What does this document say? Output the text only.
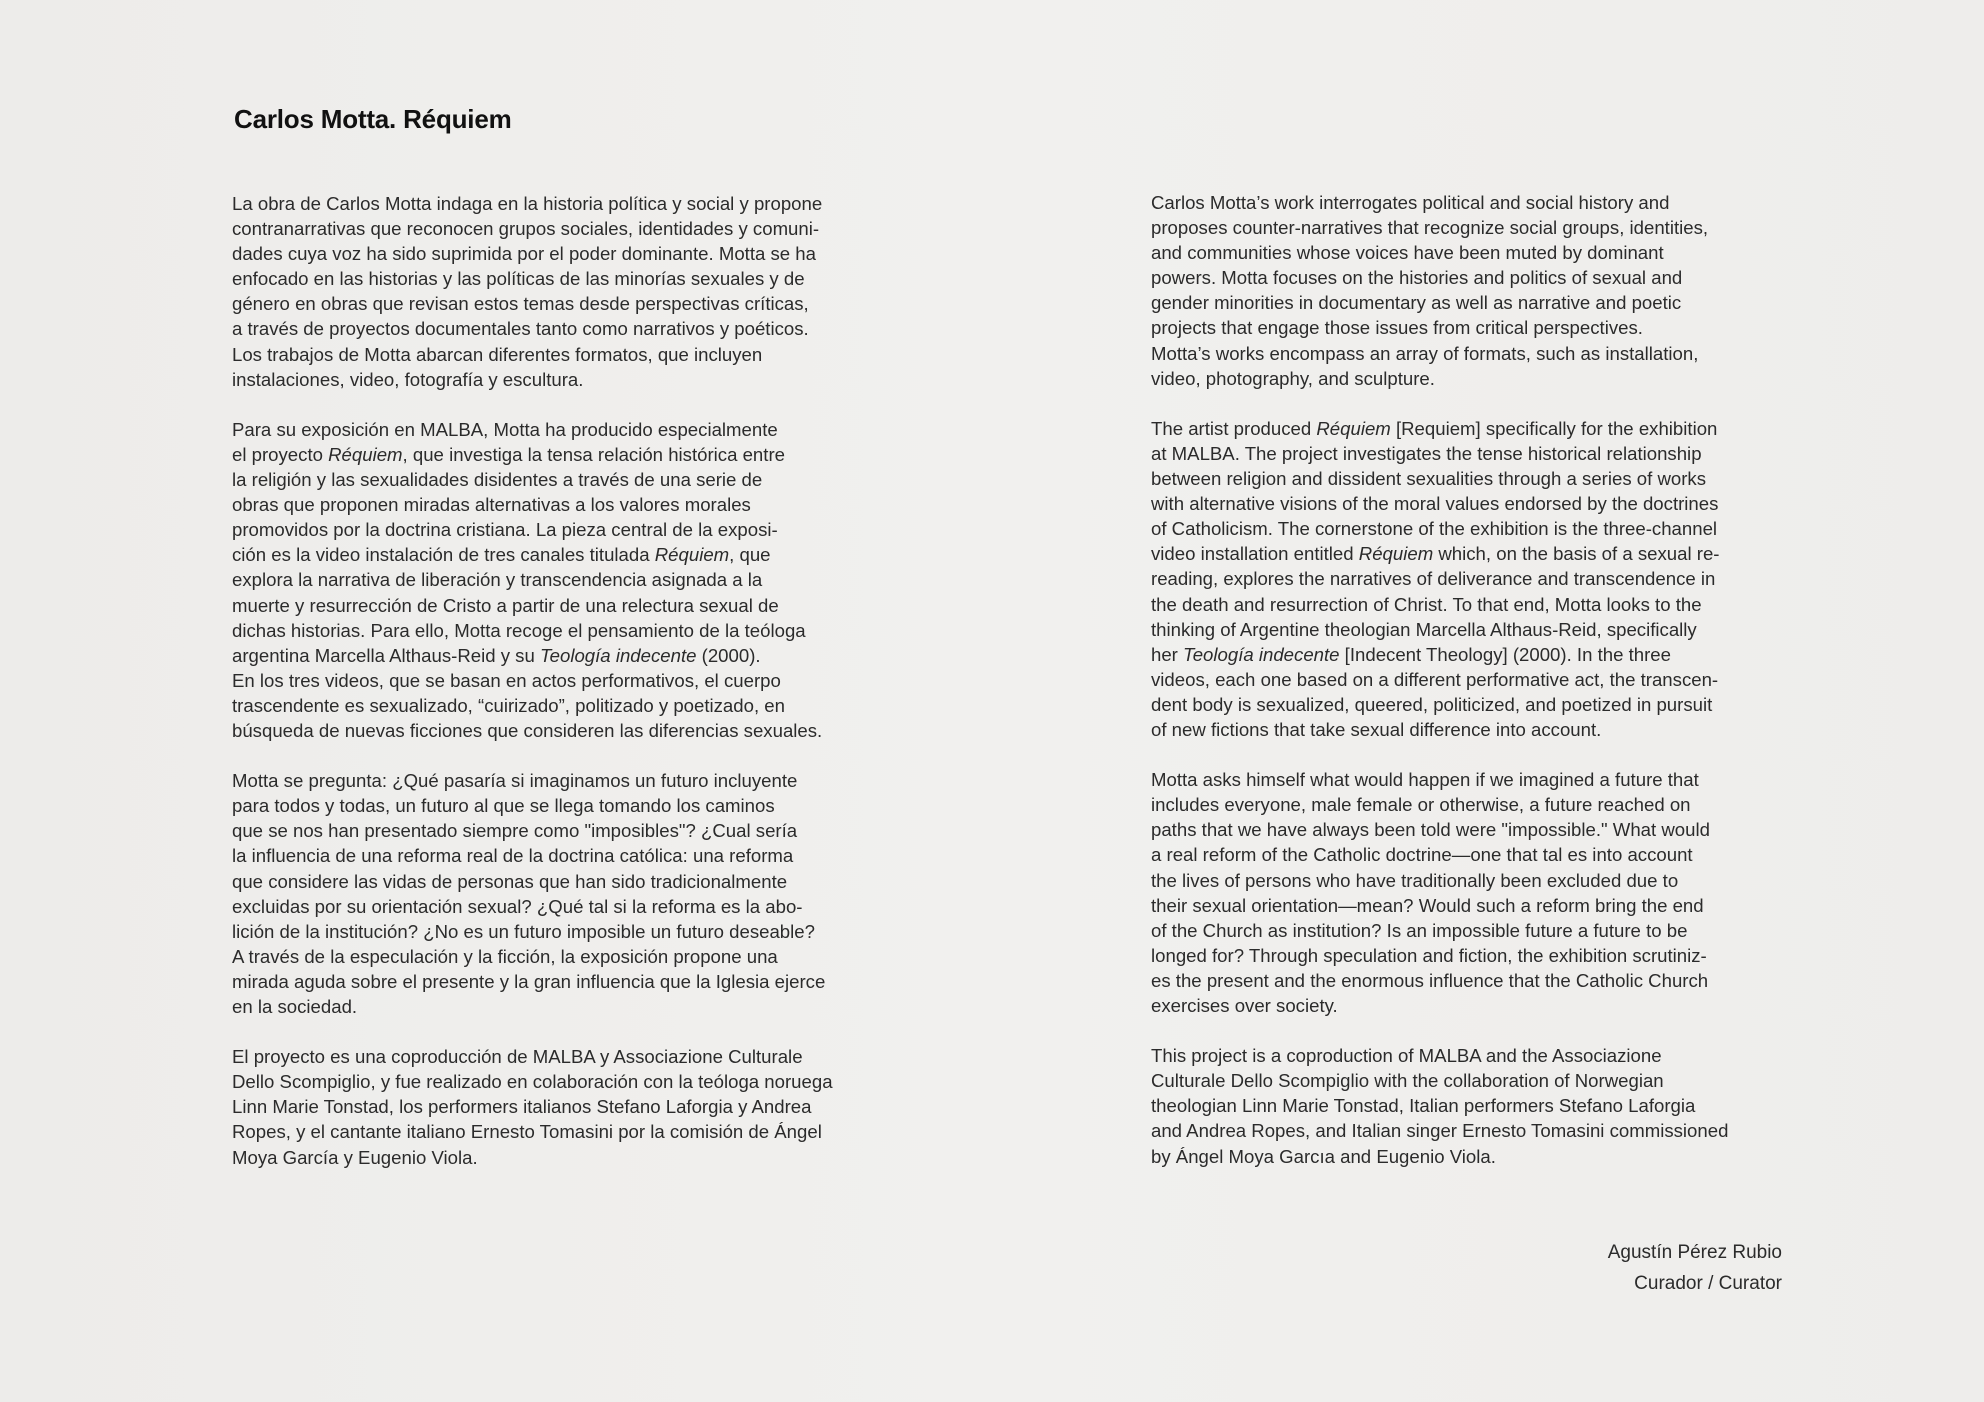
Carlos Motta. Réquiem

La obra de Carlos Motta indaga en la historia política y social y propone
contranarrativas que reconocen grupos sociales, identidades y comuni-
dades cuya voz ha sido suprimida por el poder dominante. Motta se ha
enfocado en las historias y las políticas de las minorías sexuales y de
género en obras que revisan estos temas desde perspectivas críticas,
a través de proyectos documentales tanto como narrativos y poéticos.
Los trabajos de Motta abarcan diferentes formatos, que incluyen
instalaciones, video, fotografía y escultura.

Para su exposición en MALBA, Motta ha producido especialmente
el proyecto Réquiem, que investiga la tensa relación histórica entre
la religión y las sexualidades disidentes a través de una serie de
obras que proponen miradas alternativas a los valores morales
promovidos por la doctrina cristiana. La pieza central de la exposi-
ción es la video instalación de tres canales titulada Réquiem, que
explora la narrativa de liberación y transcendencia asignada a la
muerte y resurrección de Cristo a partir de una relectura sexual de
dichas historias. Para ello, Motta recoge el pensamiento de la teóloga
argentina Marcella Althaus-Reid y su Teología indecente (2000).
En los tres videos, que se basan en actos performativos, el cuerpo
trascendente es sexualizado, “cuirizado”, politizado y poetizado, en
búsqueda de nuevas ficciones que consideren las diferencias sexuales.

Motta se pregunta: ¿Qué pasaría si imaginamos un futuro incluyente
para todos y todas, un futuro al que se llega tomando los caminos
que se nos han presentado siempre como "imposibles"? ¿Cual sería
la influencia de una reforma real de la doctrina católica: una reforma
que considere las vidas de personas que han sido tradicionalmente
excluidas por su orientación sexual? ¿Qué tal si la reforma es la abo-
lición de la institución? ¿No es un futuro imposible un futuro deseable?
A través de la especulación y la ficción, la exposición propone una
mirada aguda sobre el presente y la gran influencia que la Iglesia ejerce
en la sociedad.

El proyecto es una coproducción de MALBA y Associazione Culturale
Dello Scompiglio, y fue realizado en colaboración con la teóloga noruega
Linn Marie Tonstad, los performers italianos Stefano Laforgia y Andrea
Ropes, y el cantante italiano Ernesto Tomasini por la comisión de Ángel
Moya García y Eugenio Viola.

Carlos Motta’s work interrogates political and social history and
proposes counter-narratives that recognize social groups, identities,
and communities whose voices have been muted by dominant
powers. Motta focuses on the histories and politics of sexual and
gender minorities in documentary as well as narrative and poetic
projects that engage those issues from critical perspectives.
Motta’s works encompass an array of formats, such as installation,
video, photography, and sculpture.

The artist produced Réquiem [Requiem] specifically for the exhibition
at MALBA. The project investigates the tense historical relationship
between religion and dissident sexualities through a series of works
with alternative visions of the moral values endorsed by the doctrines
of Catholicism. The cornerstone of the exhibition is the three-channel
video installation entitled Réquiem which, on the basis of a sexual re-
reading, explores the narratives of deliverance and transcendence in
the death and resurrection of Christ. To that end, Motta looks to the
thinking of Argentine theologian Marcella Althaus-Reid, specifically
her Teología indecente [Indecent Theology] (2000). In the three
videos, each one based on a different performative act, the transcen-
dent body is sexualized, queered, politicized, and poetized in pursuit
of new fictions that take sexual difference into account.

Motta asks himself what would happen if we imagined a future that
includes everyone, male female or otherwise, a future reached on
paths that we have always been told were "impossible." What would
a real reform of the Catholic doctrine—one that tal es into account
the lives of persons who have traditionally been excluded due to
their sexual orientation—mean? Would such a reform bring the end
of the Church as institution? Is an impossible future a future to be
longed for? Through speculation and fiction, the exhibition scrutiniz-
es the present and the enormous influence that the Catholic Church
exercises over society.

This project is a coproduction of MALBA and the Associazione
Culturale Dello Scompiglio with the collaboration of Norwegian
theologian Linn Marie Tonstad, Italian performers Stefano Laforgia
and Andrea Ropes, and Italian singer Ernesto Tomasini commissioned
by Ángel Moya Garcıa and Eugenio Viola.

Agustín Pérez Rubio
Curador / Curator
